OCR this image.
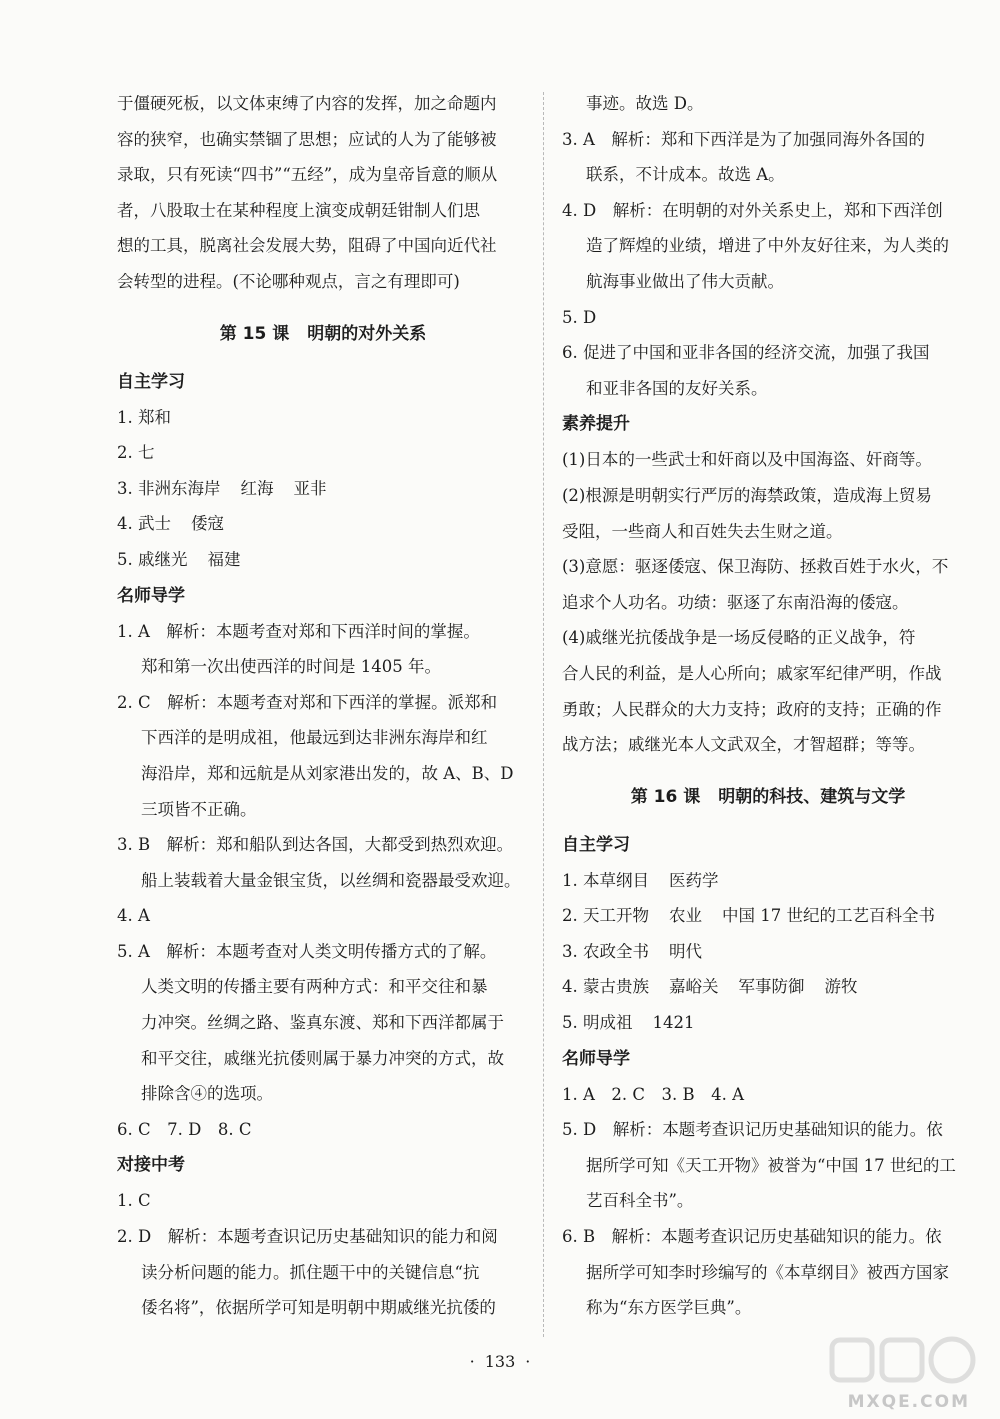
于僵硬死板，以文体束缚了内容的发挥，加之命题内

容的狭窄，也确实禁锢了思想；应试的人为了能够被

录取，只有死读“四书”“五经”，成为皇帝旨意的顺从

者，八股取士在某种程度上演变成朝廷钳制人们思

想的工具，脱离社会发展大势，阻碍了中国向近代社

会转型的进程。(不论哪种观点，言之有理即可)

第 15 课 明朝的对外关系

自主学习

1. 郑和

2. 七

3. 非洲东海岸 红海 亚非

4. 武士 倭寇

5. 戚继光 福建

名师导学

1. A　解析：本题考查对郑和下西洋时间的掌握。

郑和第一次出使西洋的时间是 1405 年。

2. C　解析：本题考查对郑和下西洋的掌握。派郑和

下西洋的是明成祖，他最远到达非洲东海岸和红

海沿岸，郑和远航是从刘家港出发的，故 A、B、D

三项皆不正确。

3. B　解析：郑和船队到达各国，大都受到热烈欢迎。

船上装载着大量金银宝货，以丝绸和瓷器最受欢迎。

4. A

5. A　解析：本题考查对人类文明传播方式的了解。

人类文明的传播主要有两种方式：和平交往和暴

力冲突。丝绸之路、鉴真东渡、郑和下西洋都属于

和平交往，戚继光抗倭则属于暴力冲突的方式，故

排除含④的选项。

6. C　7. D　8. C

对接中考

1. C

2. D　解析：本题考查识记历史基础知识的能力和阅

读分析问题的能力。抓住题干中的关键信息“抗

倭名将”，依据所学可知是明朝中期戚继光抗倭的

事迹。故选 D。

3. A　解析：郑和下西洋是为了加强同海外各国的

联系，不计成本。故选 A。

4. D　解析：在明朝的对外关系史上，郑和下西洋创

造了辉煌的业绩，增进了中外友好往来，为人类的

航海事业做出了伟大贡献。

5. D

6. 促进了中国和亚非各国的经济交流，加强了我国

和亚非各国的友好关系。

素养提升

(1)日本的一些武士和奸商以及中国海盗、奸商等。

(2)根源是明朝实行严厉的海禁政策，造成海上贸易

受阻，一些商人和百姓失去生财之道。

(3)意愿：驱逐倭寇、保卫海防、拯救百姓于水火，不

追求个人功名。功绩：驱逐了东南沿海的倭寇。

(4)戚继光抗倭战争是一场反侵略的正义战争，符

合人民的利益，是人心所向；戚家军纪律严明，作战

勇敢；人民群众的大力支持；政府的支持；正确的作

战方法；戚继光本人文武双全，才智超群；等等。

第 16 课 明朝的科技、建筑与文学

自主学习

1. 本草纲目 医药学

2. 天工开物 农业 中国 17 世纪的工艺百科全书

3. 农政全书 明代

4. 蒙古贵族 嘉峪关 军事防御 游牧

5. 明成祖 1421

名师导学

1. A　2. C　3. B　4. A

5. D　解析：本题考查识记历史基础知识的能力。依

据所学可知《天工开物》被誉为“中国 17 世纪的工

艺百科全书”。

6. B　解析：本题考查识记历史基础知识的能力。依

据所学可知李时珍编写的《本草纲目》被西方国家

称为“东方医学巨典”。

· 133 ·
MXQE.COM
